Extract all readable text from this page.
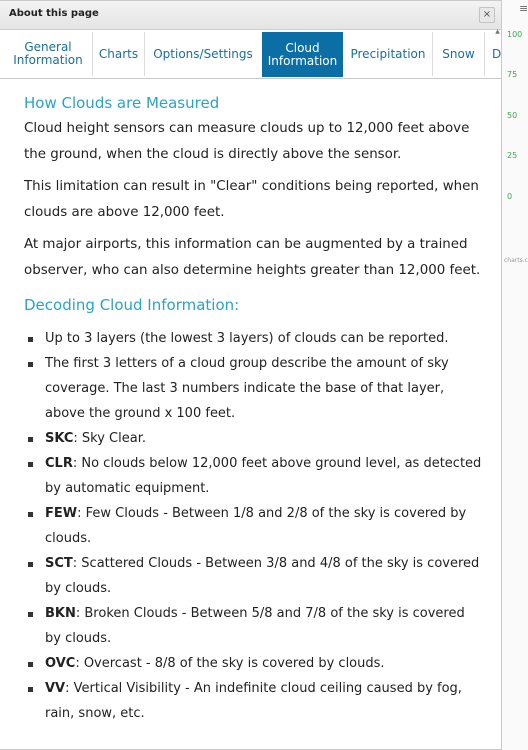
≡
100
75
50
25
0
charts.c
About this page	×
▲
General
Information Charts Options/Settings	Cloud
Information Precipitation Snow D
How Clouds are Measured

Cloud height sensors can measure clouds up to 12,000 feet above the ground, when the cloud is directly above the sensor.

This limitation can result in "Clear" conditions being reported, when clouds are above 12,000 feet.

At major airports, this information can be augmented by a trained observer, who can also determine heights greater than 12,000 feet.

Decoding Cloud Information:
Up to 3 layers (the lowest 3 layers) of clouds can be reported.
The first 3 letters of a cloud group describe the amount of sky coverage. The last 3 numbers indicate the base of that layer, above the ground x 100 feet.
SKC: Sky Clear.
CLR: No clouds below 12,000 feet above ground level, as detected by automatic equipment.
FEW: Few Clouds - Between 1/8 and 2/8 of the sky is covered by clouds.
SCT: Scattered Clouds - Between 3/8 and 4/8 of the sky is covered by clouds.
BKN: Broken Clouds - Between 5/8 and 7/8 of the sky is covered by clouds.
OVC: Overcast - 8/8 of the sky is covered by clouds.
VV: Vertical Visibility - An indefinite cloud ceiling caused by fog, rain, snow, etc.
